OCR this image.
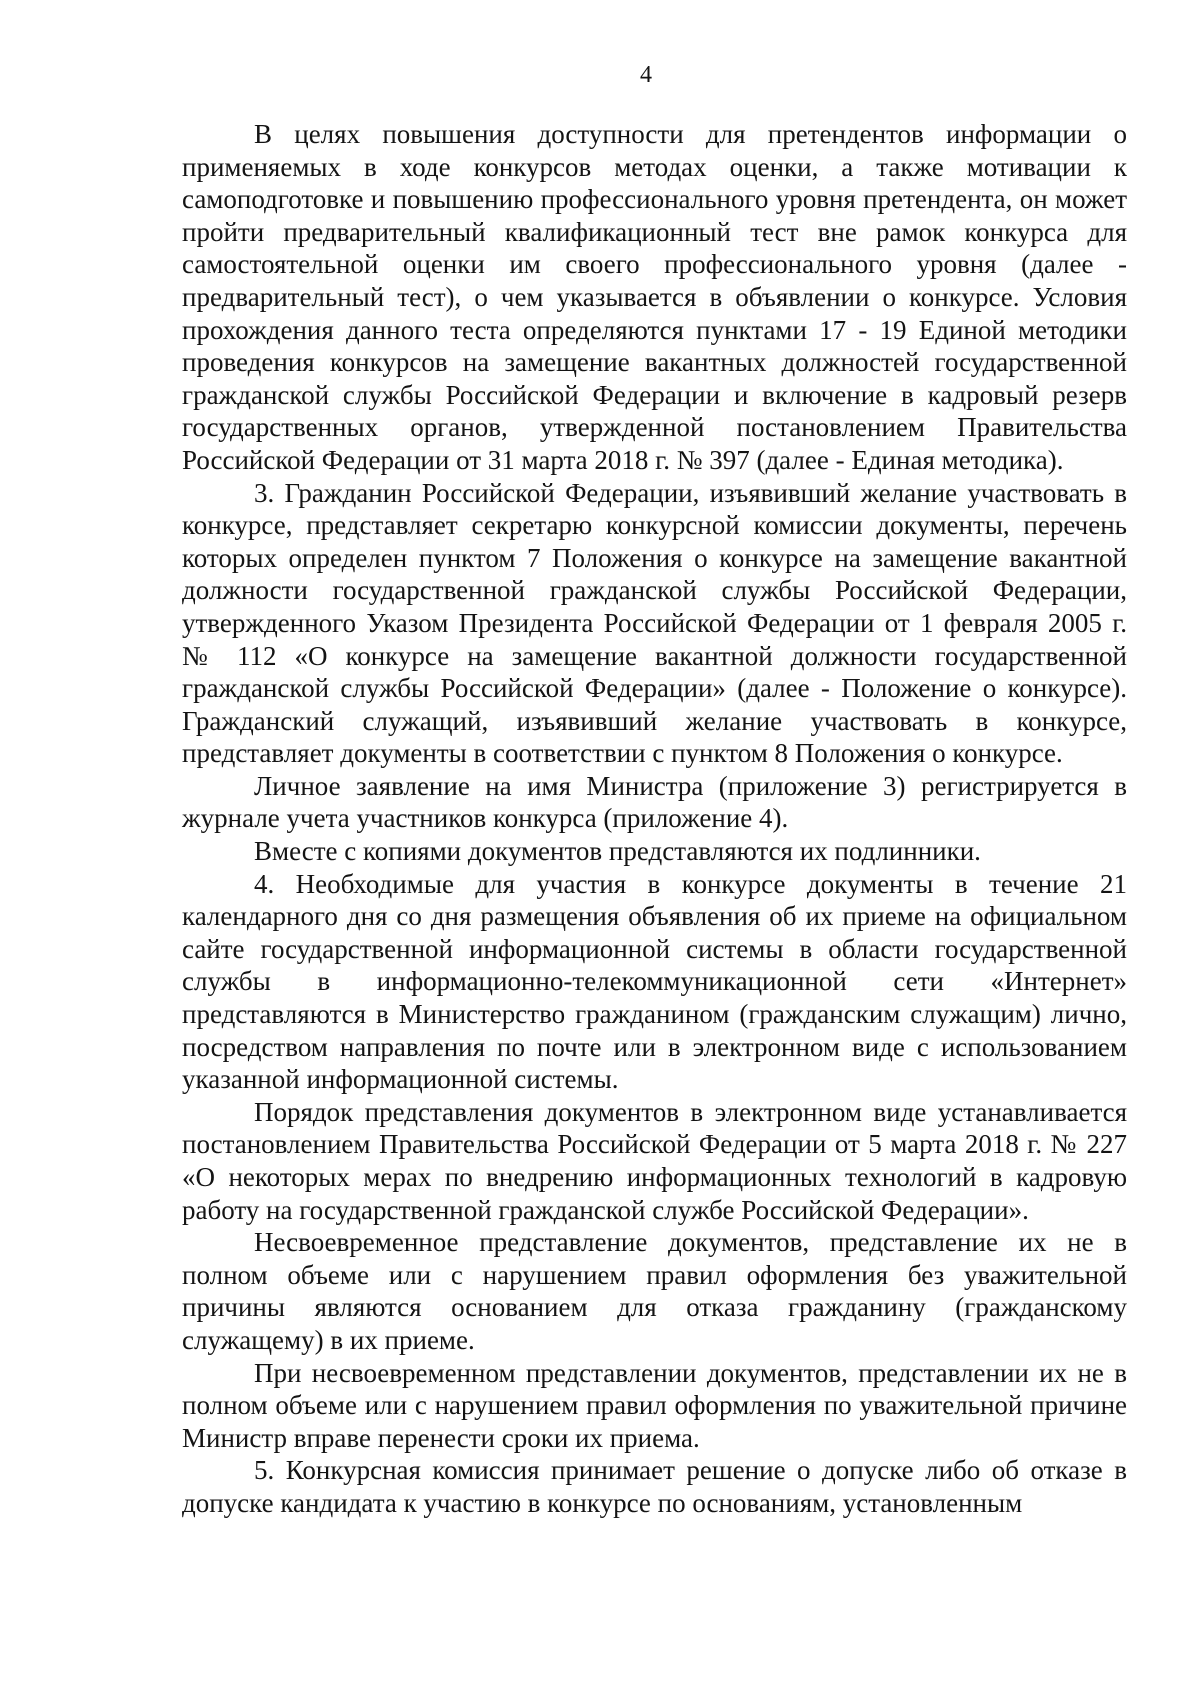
4

В целях повышения доступности для претендентов информации о применяемых в ходе конкурсов методах оценки, а также мотивации к самоподготовке и повышению профессионального уровня претендента, он может пройти предварительный квалификационный тест вне рамок конкурса для самостоятельной оценки им своего профессионального уровня (далее - предварительный тест), о чем указывается в объявлении о конкурсе. Условия прохождения данного теста определяются пунктами 17 - 19 Единой методики проведения конкурсов на замещение вакантных должностей государственной гражданской службы Российской Федерации и включение в кадровый резерв государственных органов, утвержденной постановлением Правительства Российской Федерации от 31 марта 2018 г. № 397 (далее - Единая методика).

3. Гражданин Российской Федерации, изъявивший желание участвовать в конкурсе, представляет секретарю конкурсной комиссии документы, перечень которых определен пунктом 7 Положения о конкурсе на замещение вакантной должности государственной гражданской службы Российской Федерации, утвержденного Указом Президента Российской Федерации от 1 февраля 2005 г. № 112 «О конкурсе на замещение вакантной должности государственной гражданской службы Российской Федерации» (далее - Положение о конкурсе). Гражданский служащий, изъявивший желание участвовать в конкурсе, представляет документы в соответствии с пунктом 8 Положения о конкурсе.

Личное заявление на имя Министра (приложение 3) регистрируется в журнале учета участников конкурса (приложение 4).

Вместе с копиями документов представляются их подлинники.

4. Необходимые для участия в конкурсе документы в течение 21 календарного дня со дня размещения объявления об их приеме на официальном сайте государственной информационной системы в области государственной службы в информационно-телекоммуникационной сети «Интернет» представляются в Министерство гражданином (гражданским служащим) лично, посредством направления по почте или в электронном виде с использованием указанной информационной системы.

Порядок представления документов в электронном виде устанавливается постановлением Правительства Российской Федерации от 5 марта 2018 г. № 227 «О некоторых мерах по внедрению информационных технологий в кадровую работу на государственной гражданской службе Российской Федерации».

Несвоевременное представление документов, представление их не в полном объеме или с нарушением правил оформления без уважительной причины являются основанием для отказа гражданину (гражданскому служащему) в их приеме.

При несвоевременном представлении документов, представлении их не в полном объеме или с нарушением правил оформления по уважительной причине Министр вправе перенести сроки их приема.

5. Конкурсная комиссия принимает решение о допуске либо об отказе в допуске кандидата к участию в конкурсе по основаниям, установленным
